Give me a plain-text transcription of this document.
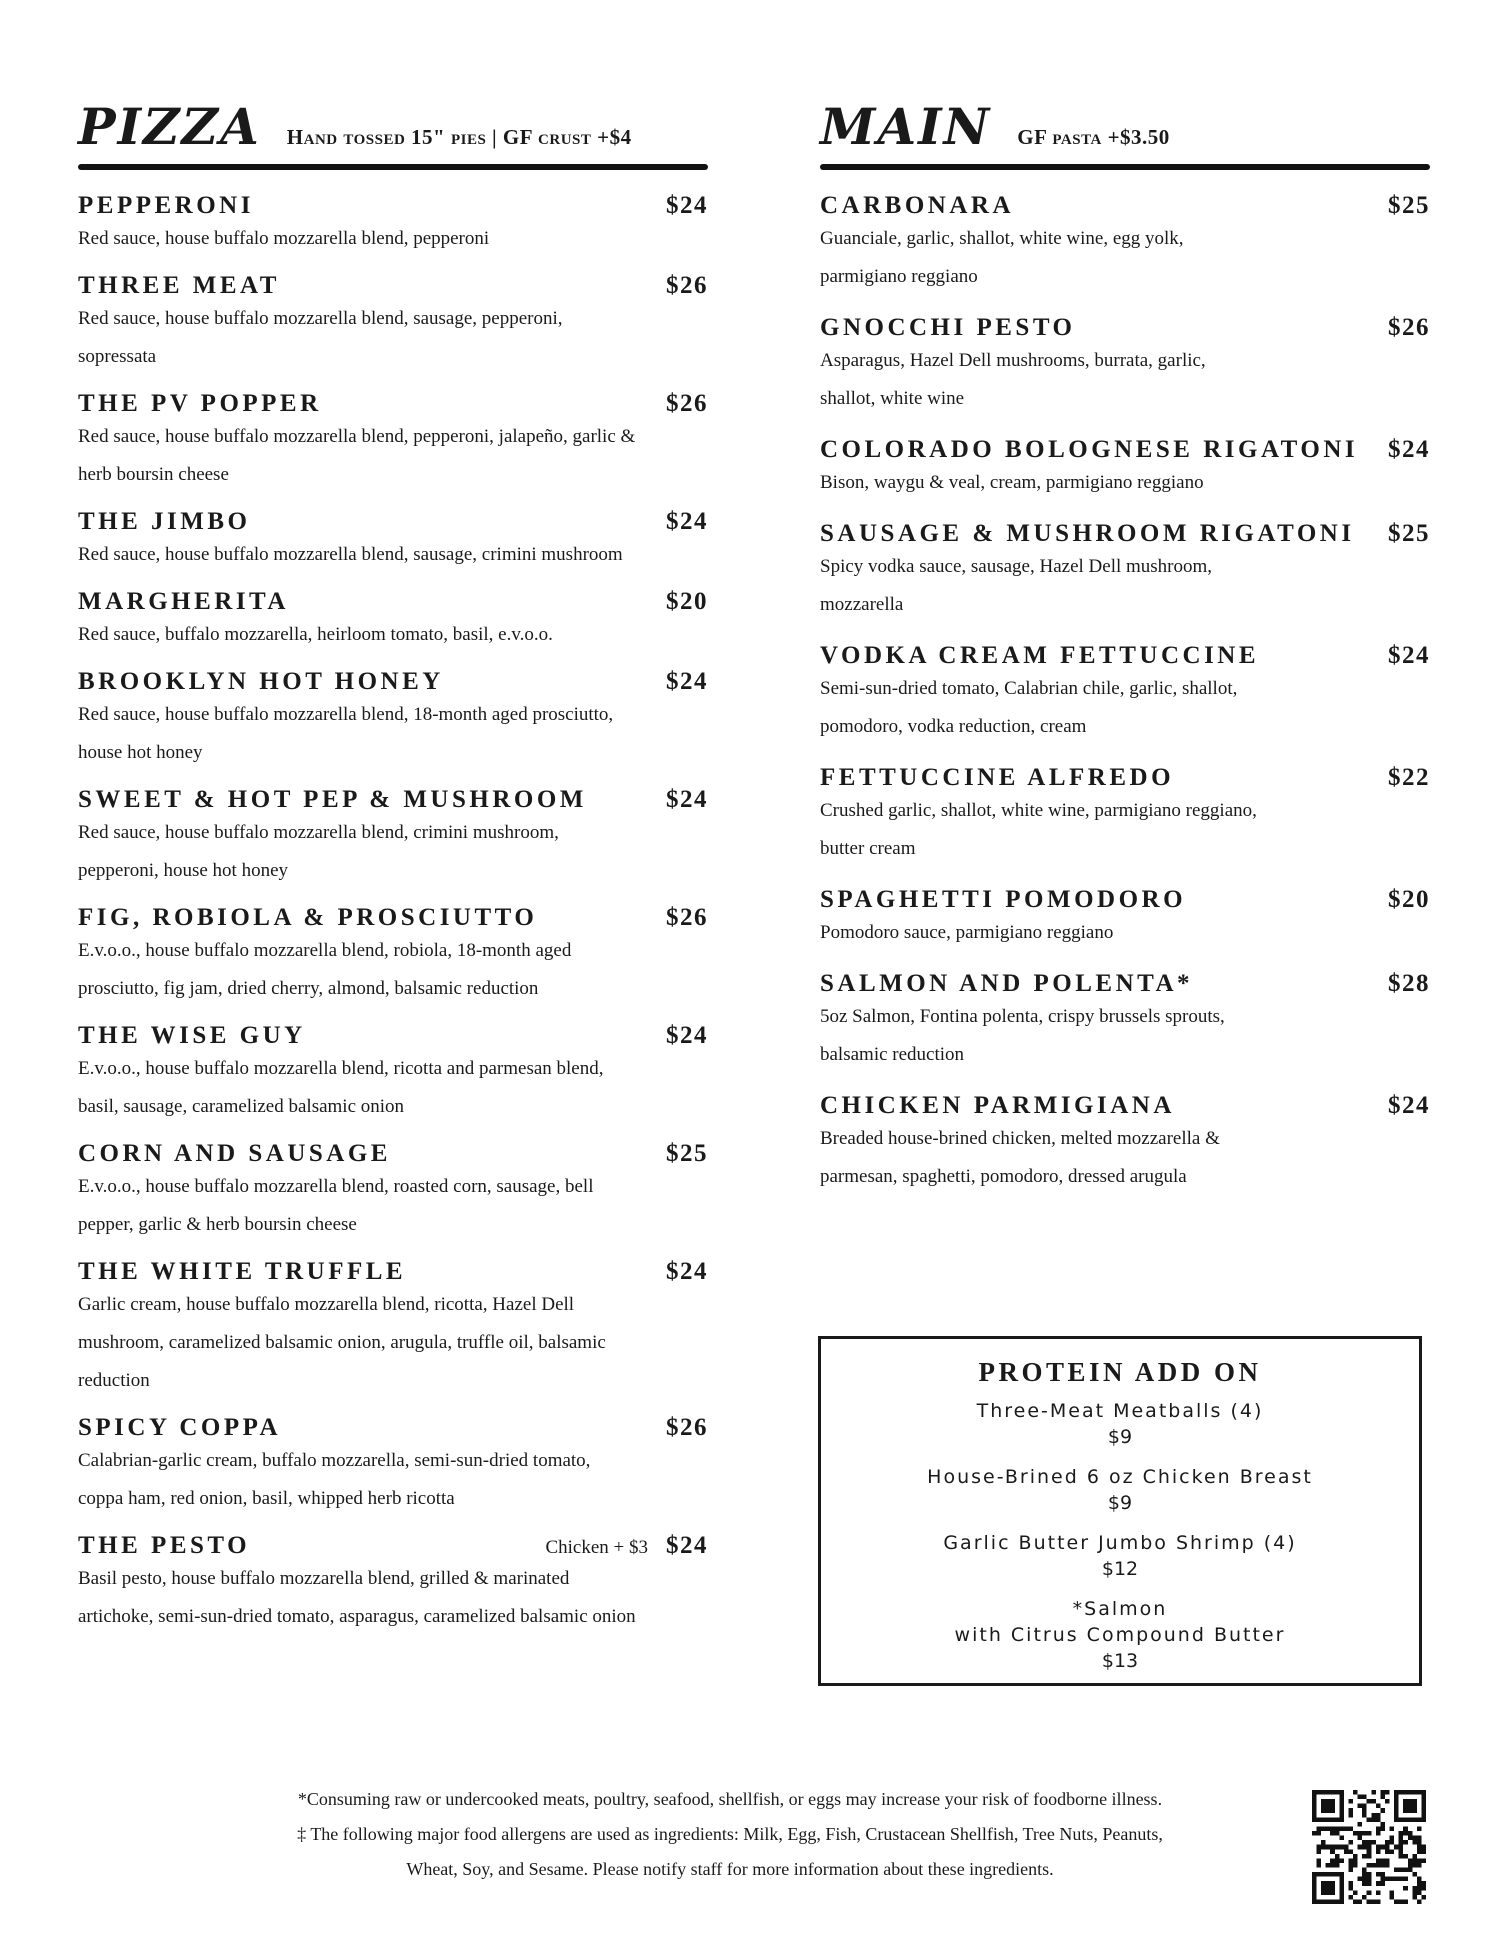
PIZZA Hand tossed 15" pies | GF crust +$4
PEPPERONI	$24
Red sauce, house buffalo mozzarella blend, pepperoni
THREE MEAT	$26
Red sauce, house buffalo mozzarella blend, sausage, pepperoni, sopressata
THE PV POPPER	$26
Red sauce, house buffalo mozzarella blend, pepperoni, jalapeño, garlic & herb boursin cheese
THE JIMBO	$24
Red sauce, house buffalo mozzarella blend, sausage, crimini mushroom
MARGHERITA	$20
Red sauce, buffalo mozzarella, heirloom tomato, basil, e.v.o.o.
BROOKLYN HOT HONEY	$24
Red sauce, house buffalo mozzarella blend, 18-month aged prosciutto, house hot honey
SWEET & HOT PEP & MUSHROOM	$24
Red sauce, house buffalo mozzarella blend, crimini mushroom, pepperoni, house hot honey
FIG, ROBIOLA & PROSCIUTTO	$26
E.v.o.o., house buffalo mozzarella blend, robiola, 18-month aged prosciutto, fig jam, dried cherry, almond, balsamic reduction
THE WISE GUY	$24
E.v.o.o., house buffalo mozzarella blend, ricotta and parmesan blend, basil, sausage, caramelized balsamic onion
CORN AND SAUSAGE	$25
E.v.o.o., house buffalo mozzarella blend, roasted corn, sausage, bell pepper, garlic & herb boursin cheese
THE WHITE TRUFFLE	$24
Garlic cream, house buffalo mozzarella blend, ricotta, Hazel Dell mushroom, caramelized balsamic onion, arugula, truffle oil, balsamic reduction
SPICY COPPA	$26
Calabrian-garlic cream, buffalo mozzarella, semi-sun-dried tomato, coppa ham, red onion, basil, whipped herb ricotta
THE PESTO	Chicken + $3 $24
Basil pesto, house buffalo mozzarella blend, grilled & marinated artichoke, semi-sun-dried tomato, asparagus, caramelized balsamic onion
MAIN GF pasta +$3.50
CARBONARA	$25
Guanciale, garlic, shallot, white wine, egg yolk, parmigiano reggiano
GNOCCHI PESTO	$26
Asparagus, Hazel Dell mushrooms, burrata, garlic, shallot, white wine
COLORADO BOLOGNESE RIGATONI $24
Bison, waygu & veal, cream, parmigiano reggiano
SAUSAGE & MUSHROOM RIGATONI $25
Spicy vodka sauce, sausage, Hazel Dell mushroom, mozzarella
VODKA CREAM FETTUCCINE	$24
Semi-sun-dried tomato, Calabrian chile, garlic, shallot, pomodoro, vodka reduction, cream
FETTUCCINE ALFREDO	$22
Crushed garlic, shallot, white wine, parmigiano reggiano, butter cream
SPAGHETTI POMODORO	$20
Pomodoro sauce, parmigiano reggiano
SALMON AND POLENTA*	$28
5oz Salmon, Fontina polenta, crispy brussels sprouts, balsamic reduction
CHICKEN PARMIGIANA	$24
Breaded house-brined chicken, melted mozzarella & parmesan, spaghetti, pomodoro, dressed arugula
PROTEIN ADD ON
Three-Meat Meatballs (4)
$9
House-Brined 6 oz Chicken Breast
$9
Garlic Butter Jumbo Shrimp (4)
$12
*Salmon
with Citrus Compound Butter
$13
*Consuming raw or undercooked meats, poultry, seafood, shellfish, or eggs may increase your risk of foodborne illness.
‡ The following major food allergens are used as ingredients: Milk, Egg, Fish, Crustacean Shellfish, Tree Nuts, Peanuts,
Wheat, Soy, and Sesame. Please notify staff for more information about these ingredients.
